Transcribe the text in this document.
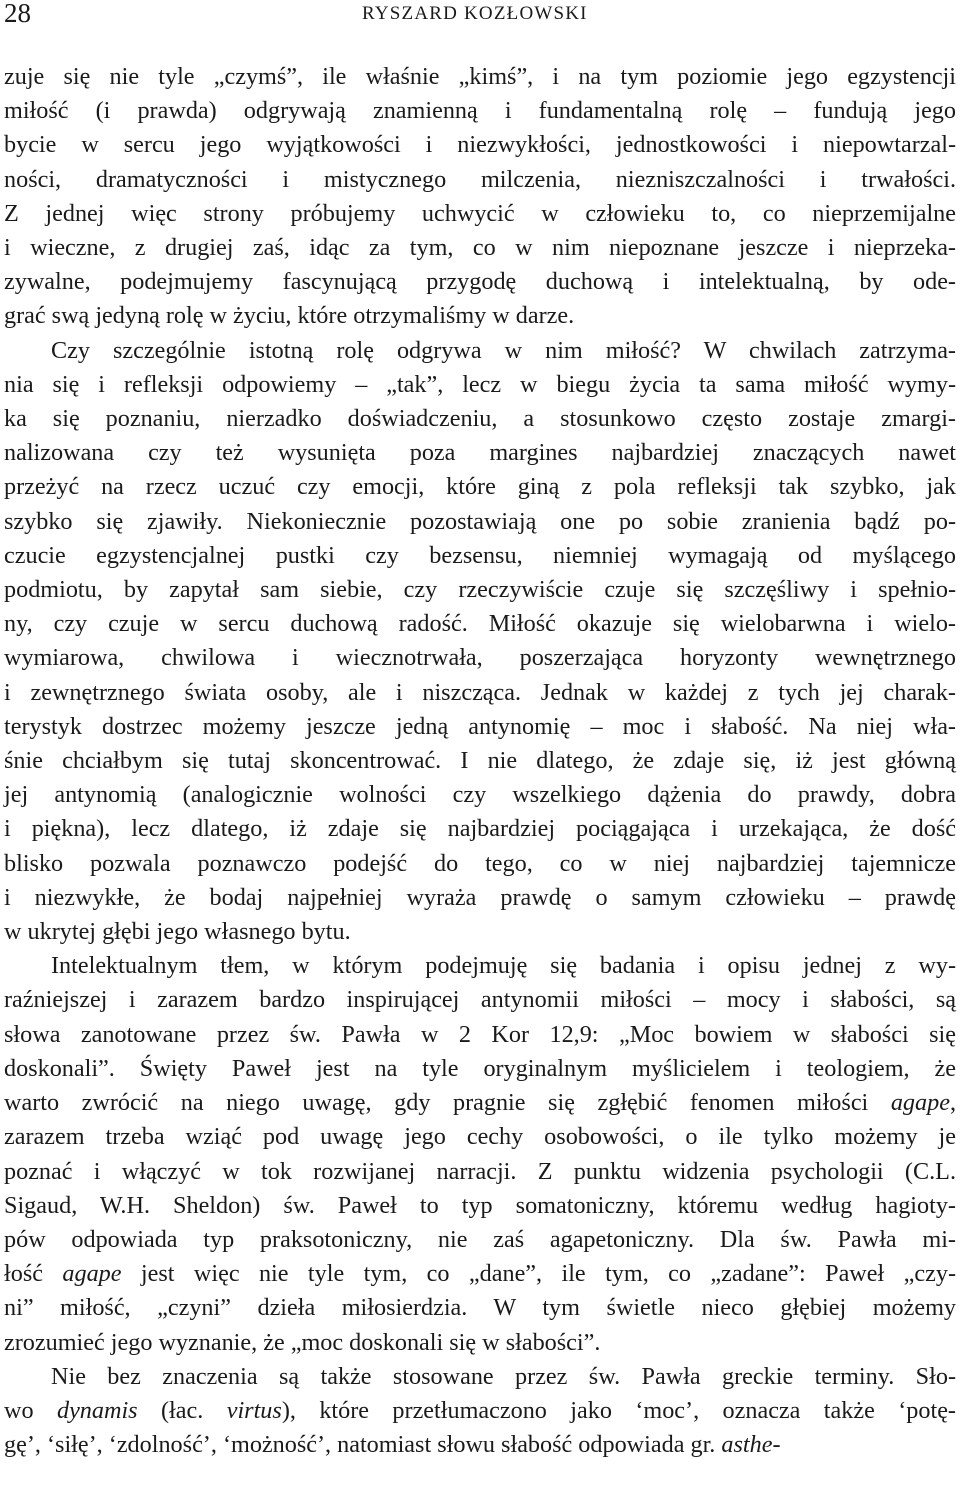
28	RYSZARD KOZŁOWSKI
zuje się nie tyle „czymś”, ile właśnie „kimś”, i na tym poziomie jego egzystencji
miłość (i prawda) odgrywają znamienną i fundamentalną rolę – fundują jego
bycie w sercu jego wyjątkowości i niezwykłości, jednostkowości i niepowtarzal-
ności, dramatyczności i mistycznego milczenia, niezniszczalności i trwałości.
Z jednej więc strony próbujemy uchwycić w człowieku to, co nieprzemijalne
i wieczne, z drugiej zaś, idąc za tym, co w nim niepoznane jeszcze i nieprzeka-
zywalne, podejmujemy fascynującą przygodę duchową i intelektualną, by ode-
grać swą jedyną rolę w życiu, które otrzymaliśmy w darze.
Czy szczególnie istotną rolę odgrywa w nim miłość? W chwilach zatrzyma-
nia się i refleksji odpowiemy – „tak”, lecz w biegu życia ta sama miłość wymy-
ka się poznaniu, nierzadko doświadczeniu, a stosunkowo często zostaje zmargi-
nalizowana czy też wysunięta poza margines najbardziej znaczących nawet
przeżyć na rzecz uczuć czy emocji, które giną z pola refleksji tak szybko, jak
szybko się zjawiły. Niekoniecznie pozostawiają one po sobie zranienia bądź po-
czucie egzystencjalnej pustki czy bezsensu, niemniej wymagają od myślącego
podmiotu, by zapytał sam siebie, czy rzeczywiście czuje się szczęśliwy i spełnio-
ny, czy czuje w sercu duchową radość. Miłość okazuje się wielobarwna i wielo-
wymiarowa, chwilowa i wiecznotrwała, poszerzająca horyzonty wewnętrznego
i zewnętrznego świata osoby, ale i niszcząca. Jednak w każdej z tych jej charak-
terystyk dostrzec możemy jeszcze jedną antynomię – moc i słabość. Na niej wła-
śnie chciałbym się tutaj skoncentrować. I nie dlatego, że zdaje się, iż jest główną
jej antynomią (analogicznie wolności czy wszelkiego dążenia do prawdy, dobra
i piękna), lecz dlatego, iż zdaje się najbardziej pociągająca i urzekająca, że dość
blisko pozwala poznawczo podejść do tego, co w niej najbardziej tajemnicze
i niezwykłe, że bodaj najpełniej wyraża prawdę o samym człowieku – prawdę
w ukrytej głębi jego własnego bytu.
Intelektualnym tłem, w którym podejmuję się badania i opisu jednej z wy-
raźniejszej i zarazem bardzo inspirującej antynomii miłości – mocy i słabości, są
słowa zanotowane przez św. Pawła w 2 Kor 12,9: „Moc bowiem w słabości się
doskonali”. Święty Paweł jest na tyle oryginalnym myślicielem i teologiem, że
warto zwrócić na niego uwagę, gdy pragnie się zgłębić fenomen miłości agape,
zarazem trzeba wziąć pod uwagę jego cechy osobowości, o ile tylko możemy je
poznać i włączyć w tok rozwijanej narracji. Z punktu widzenia psychologii (C.L.
Sigaud, W.H. Sheldon) św. Paweł to typ somatoniczny, któremu według hagioty-
pów odpowiada typ praksotoniczny, nie zaś agapetoniczny. Dla św. Pawła mi-
łość agape jest więc nie tyle tym, co „dane”, ile tym, co „zadane”: Paweł „czy-
ni” miłość, „czyni” dzieła miłosierdzia. W tym świetle nieco głębiej możemy
zrozumieć jego wyznanie, że „moc doskonali się w słabości”.
Nie bez znaczenia są także stosowane przez św. Pawła greckie terminy. Sło-
wo dynamis (łac. virtus), które przetłumaczono jako ‘moc’, oznacza także ‘potę-
gę’, ‘siłę’, ‘zdolność’, ‘możność’, natomiast słowu słabość odpowiada gr. asthe-
